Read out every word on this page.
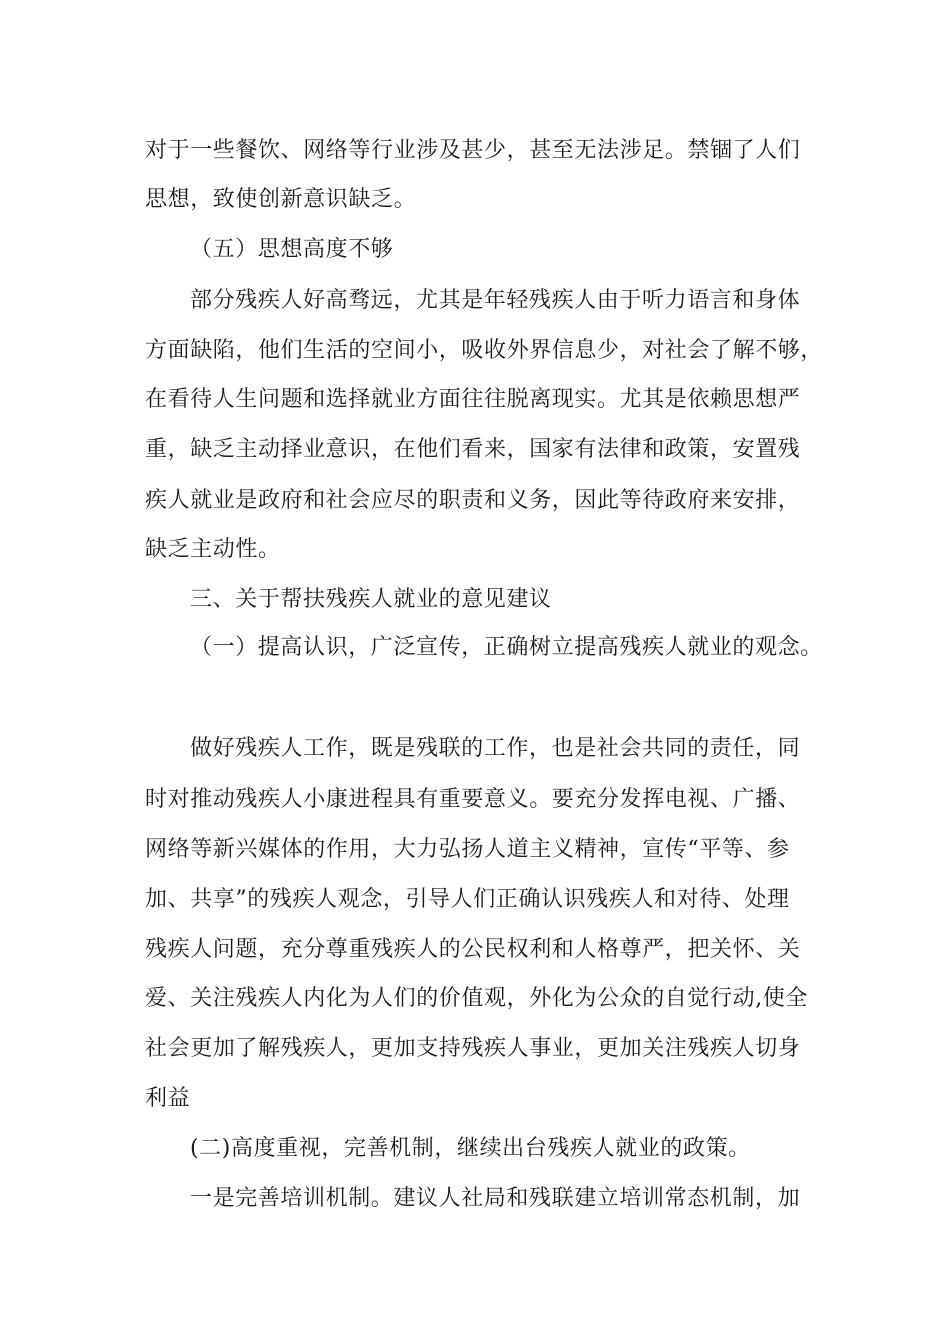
对于一些餐饮、网络等行业涉及甚少，甚至无法涉足。禁锢了人们
思想，致使创新意识缺乏。
（五）思想高度不够
部分残疾人好高骛远，尤其是年轻残疾人由于听力语言和身体
方面缺陷，他们生活的空间小，吸收外界信息少，对社会了解不够，
在看待人生问题和选择就业方面往往脱离现实。尤其是依赖思想严
重，缺乏主动择业意识，在他们看来，国家有法律和政策，安置残
疾人就业是政府和社会应尽的职责和义务，因此等待政府来安排，
缺乏主动性。
三、关于帮扶残疾人就业的意见建议
（一）提高认识，广泛宣传，正确树立提高残疾人就业的观念。
做好残疾人工作，既是残联的工作，也是社会共同的责任，同
时对推动残疾人小康进程具有重要意义。要充分发挥电视、广播、
网络等新兴媒体的作用，大力弘扬人道主义精神，宣传“平等、参
加、共享”的残疾人观念，引导人们正确认识残疾人和对待、处理
残疾人问题，充分尊重残疾人的公民权利和人格尊严，把关怀、关
爱、关注残疾人内化为人们的价值观，外化为公众的自觉行动,使全
社会更加了解残疾人，更加支持残疾人事业，更加关注残疾人切身
利益
(二)高度重视，完善机制，继续出台残疾人就业的政策。
一是完善培训机制。建议人社局和残联建立培训常态机制，加
